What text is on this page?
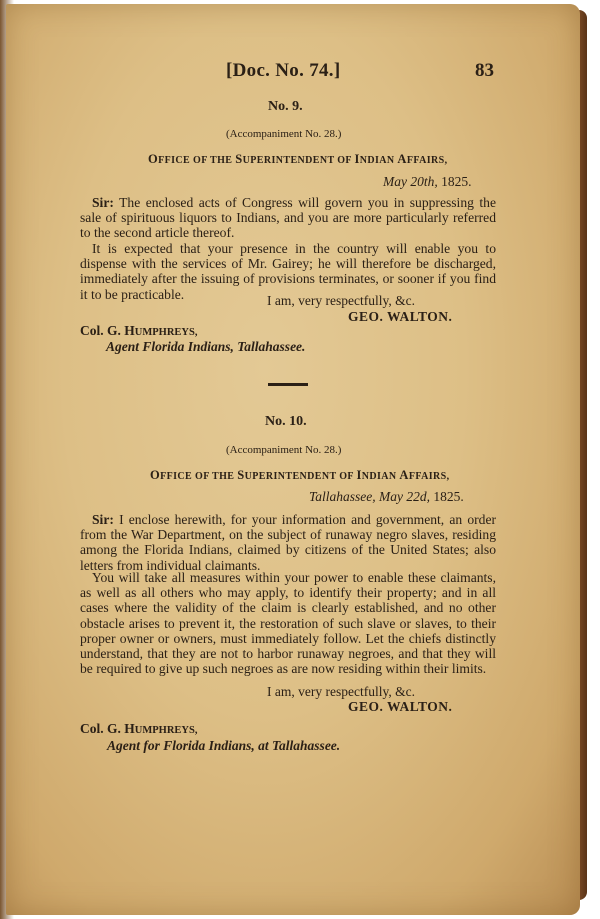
[Doc. No. 74.]	83
No. 9.
(Accompaniment No. 28.)
OFFICE OF THE SUPERINTENDENT OF INDIAN AFFAIRS,
May 20th, 1825.
Sir: The enclosed acts of Congress will govern you in suppressing the sale of spirituous liquors to Indians, and you are more particularly referred to the second article thereof.
It is expected that your presence in the country will enable you to dispense with the services of Mr. Gairey; he will therefore be discharged, immediately after the issuing of provisions terminates, or sooner if you find it to be practicable.	I am, very respectfully, &c.
GEO. WALTON.
Col. G. HUMPHREYS,
Agent Florida Indians, Tallahassee.
No. 10.
(Accompaniment No. 28.)
OFFICE OF THE SUPERINTENDENT OF INDIAN AFFAIRS,
Tallahassee, May 22d, 1825.
Sir: I enclose herewith, for your information and government, an order from the War Department, on the subject of runaway negro slaves, residing among the Florida Indians, claimed by citizens of the United States; also letters from individual claimants.
You will take all measures within your power to enable these claimants, as well as all others who may apply, to identify their property; and in all cases where the validity of the claim is clearly established, and no other obstacle arises to prevent it, the restoration of such slave or slaves, to their proper owner or owners, must immediately follow. Let the chiefs distinctly understand, that they are not to harbor runaway negroes, and that they will be required to give up such negroes as are now residing within their limits.
I am, very respectfully, &c.
GEO. WALTON.
Col. G. HUMPHREYS,
Agent for Florida Indians, at Tallahassee.
